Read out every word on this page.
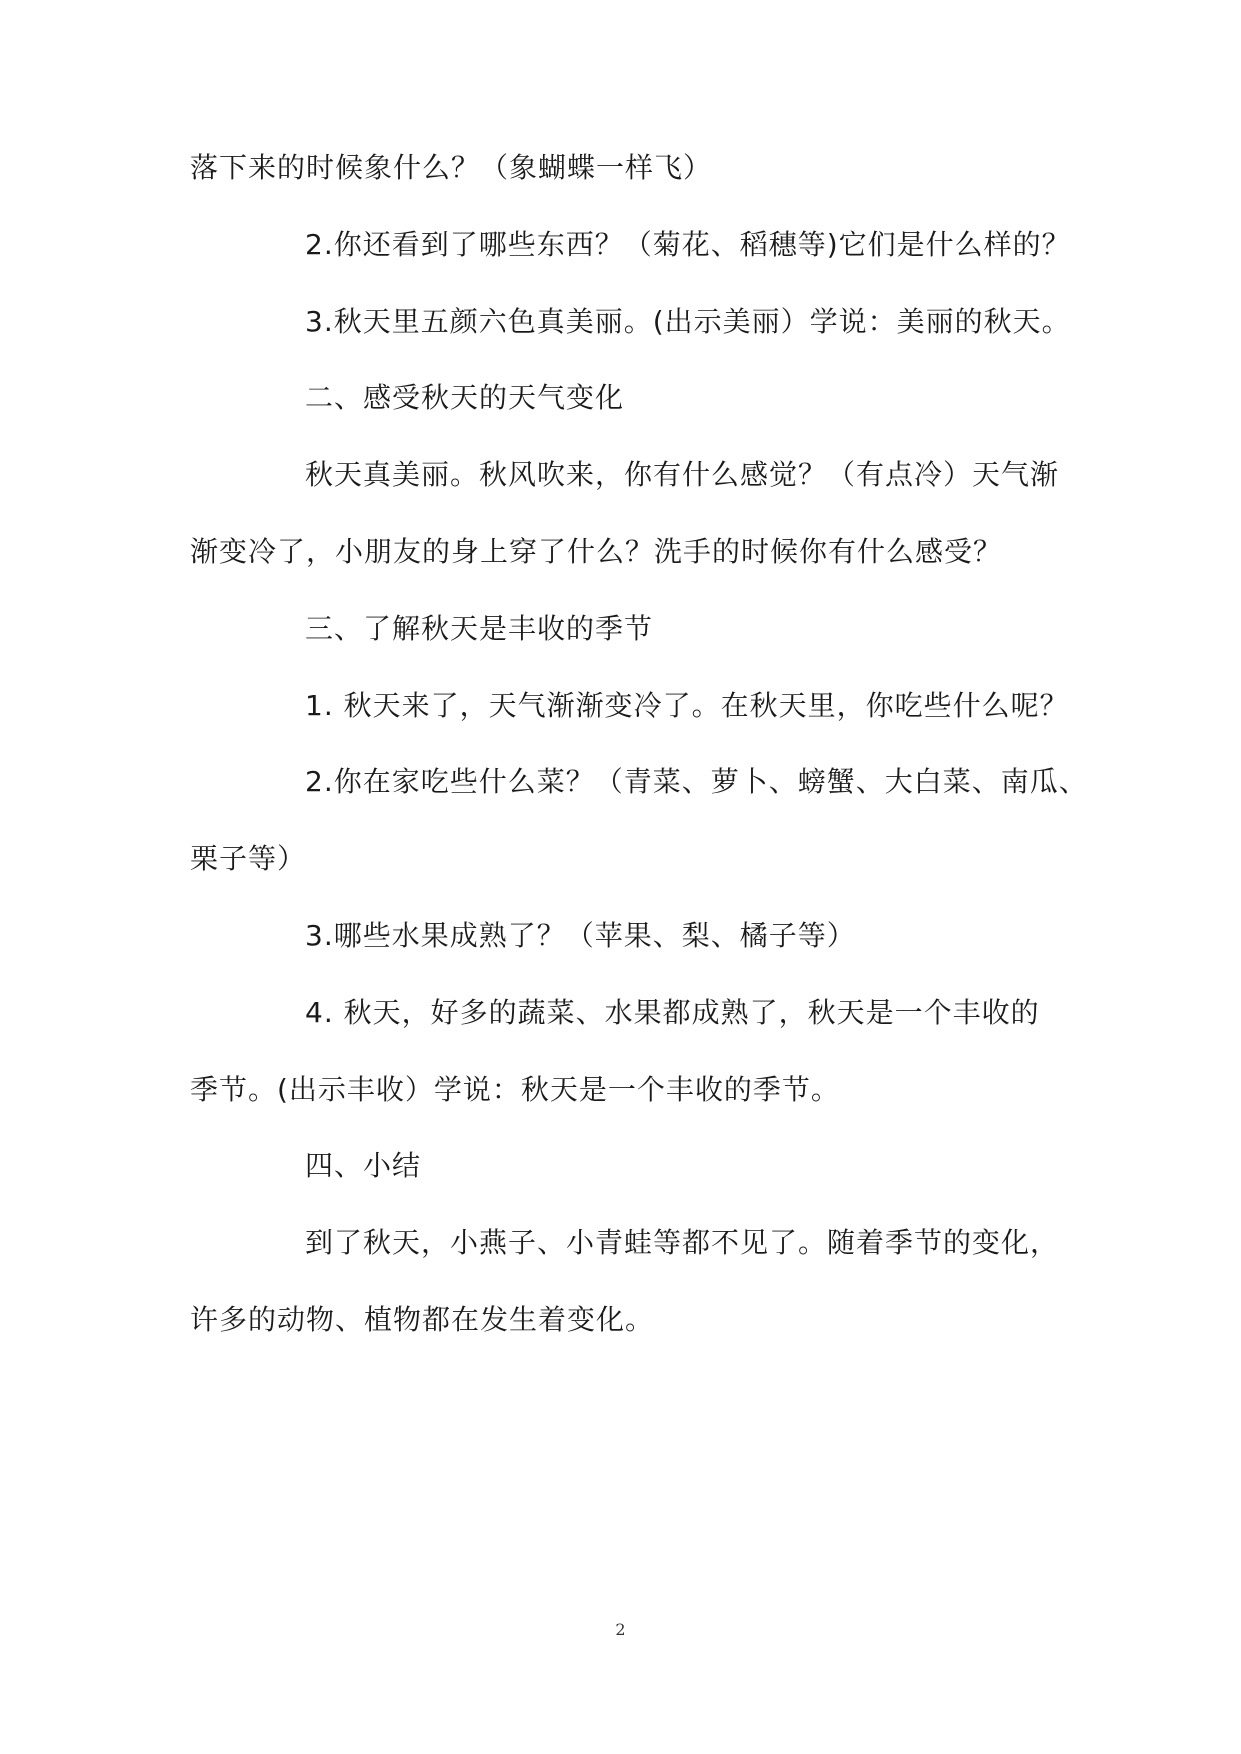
落下来的时候象什么？（象蝴蝶一样飞）
2.你还看到了哪些东西？（菊花、稻穗等)它们是什么样的？
3.秋天里五颜六色真美丽。(出示美丽）学说：美丽的秋天。
二、感受秋天的天气变化
秋天真美丽。秋风吹来，你有什么感觉？（有点冷）天气渐
渐变冷了，小朋友的身上穿了什么？洗手的时候你有什么感受？
三、了解秋天是丰收的季节
1. 秋天来了，天气渐渐变冷了。在秋天里，你吃些什么呢？
2.你在家吃些什么菜？（青菜、萝卜、螃蟹、大白菜、南瓜、
栗子等）
3.哪些水果成熟了？（苹果、梨、橘子等）
4. 秋天，好多的蔬菜、水果都成熟了，秋天是一个丰收的
季节。(出示丰收）学说：秋天是一个丰收的季节。
四、小结
到了秋天，小燕子、小青蛙等都不见了。随着季节的变化，
许多的动物、植物都在发生着变化。
2
